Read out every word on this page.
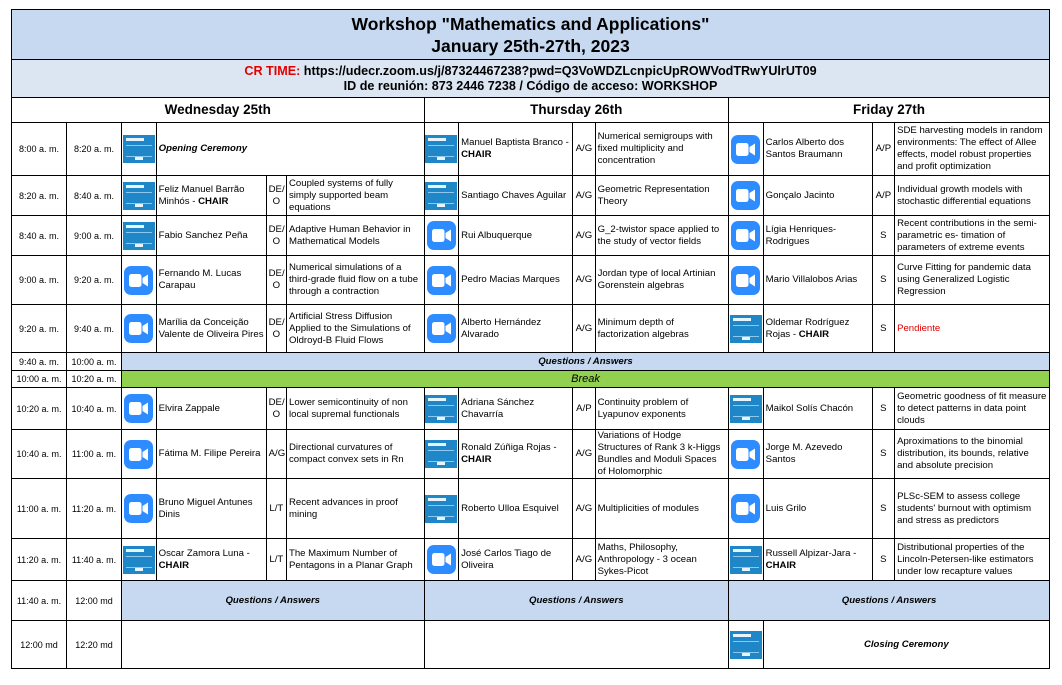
Workshop "Mathematics and Applications"
January 25th-27th, 2023													

CR TIME: https://udecr.zoom.us/j/87324467238?pwd=Q3VoWDZLcnpicUpROWVodTRwYUlrUT09
ID de reunión: 873 2446 7238 / Código de acceso: WORKSHOP													

Wednesday 25th						Thursday 26th				Friday 27th			
8:00 a. m.	8:20 a. m.		Opening Ceremony				Manuel Baptista Branco - CHAIR	A/G	Numerical semigroups with fixed multiplicity and concentration		Carlos Alberto dos Santos Braumann	A/P	SDE harvesting models in random environments: The effect of Allee effects, model robust properties and profit optimization
8:20 a. m.	8:40 a. m.		Feliz Manuel Barrão Minhós - CHAIR	DE/ O	Coupled systems of fully simply supported beam equations		Santiago Chaves Aguilar	A/G	Geometric Representation Theory		Gonçalo Jacinto	A/P	Individual growth models with stochastic differential equations
8:40 a. m.	9:00 a. m.		Fabio Sanchez Peña	DE/ O	Adaptive Human Behavior in Mathematical Models		Rui Albuquerque	A/G	G_2-twistor space applied to the study of vector fields		Lígia Henriques-Rodrigues	S	Recent contributions in the semi-parametric es- timation of parameters of extreme events
9:00 a. m.	9:20 a. m.		Fernando M. Lucas Carapau	DE/ O	Numerical simulations of a third-grade fluid flow on a tube through a contraction		Pedro Macias Marques	A/G	Jordan type of local Artinian Gorenstein algebras		Mario Villalobos Arias	S	Curve Fitting for pandemic data using Generalized Logistic Regression
9:20 a. m.	9:40 a. m.		Marília da Conceição Valente de Oliveira Pires	DE/ O	Artificial Stress Diffusion Applied to the Simulations of Oldroyd-B Fluid Flows		Alberto Hernández Alvarado	A/G	Minimum depth of factorization algebras		Oldemar Rodríguez Rojas - CHAIR	S	Pendiente
9:40 a. m.	10:00 a. m.	Questions / Answers											
10:00 a. m.	10:20 a. m.	Break											
10:20 a. m.	10:40 a. m.		Elvira Zappale	DE/ O	Lower semicontinuity of non local supremal functionals		Adriana Sánchez Chavarría	A/P	Continuity problem of Lyapunov exponents		Maikol Solís Chacón	S	Geometric goodness of fit measure to detect patterns in data point clouds
10:40 a. m.	11:00 a. m.		Fátima M. Filipe Pereira	A/G	Directional curvatures of compact convex sets in Rn		Ronald Zúñiga Rojas - CHAIR	A/G	Variations of Hodge Structures of Rank 3 k-Higgs Bundles and Moduli Spaces of Holomorphic		Jorge M. Azevedo Santos	S	Aproximations to the binomial distribution, its bounds, relative and absolute precision
11:00 a. m.	11:20 a. m.		Bruno Miguel Antunes Dinis	L/T	Recent advances in proof mining		Roberto Ulloa Esquivel	A/G	Multiplicities of modules		Luis Grilo	S	PLSc-SEM to assess college students' burnout with optimism and stress as predictors
11:20 a. m.	11:40 a. m.		Oscar Zamora Luna - CHAIR	L/T	The Maximum Number of Pentagons in a Planar Graph		José Carlos Tiago de Oliveira	A/G	Maths, Philosophy, Anthropology - 3 ocean Sykes-Picot		Russell Alpizar-Jara - CHAIR	S	Distributional properties of the Lincoln-Petersen-like estimators under low recapture values
11:40 a. m.	12:00 md	Questions / Answers				Questions / Answers				Questions / Answers			
12:00 md	12:20 md										Closing Ceremony		
